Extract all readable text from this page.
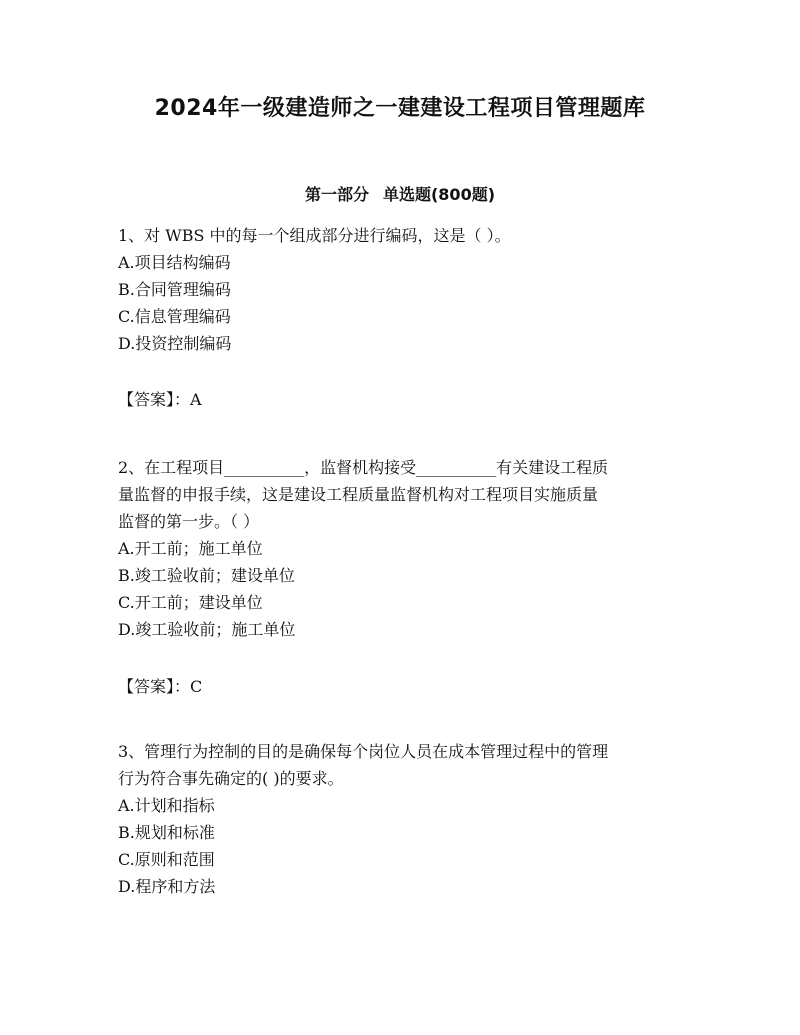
2024年一级建造师之一建建设工程项目管理题库
第一部分 单选题(800题)
1、对 WBS 中的每一个组成部分进行编码，这是（ ）。
A.项目结构编码
B.合同管理编码
C.信息管理编码
D.投资控制编码
【答案】：A
2、在工程项目__________，监督机构接受__________有关建设工程质
量监督的申报手续，这是建设工程质量监督机构对工程项目实施质量
监督的第一步。（ ）
A.开工前；施工单位
B.竣工验收前；建设单位
C.开工前；建设单位
D.竣工验收前；施工单位
【答案】：C
3、管理行为控制的目的是确保每个岗位人员在成本管理过程中的管理
行为符合事先确定的( )的要求。
A.计划和指标
B.规划和标准
C.原则和范围
D.程序和方法
